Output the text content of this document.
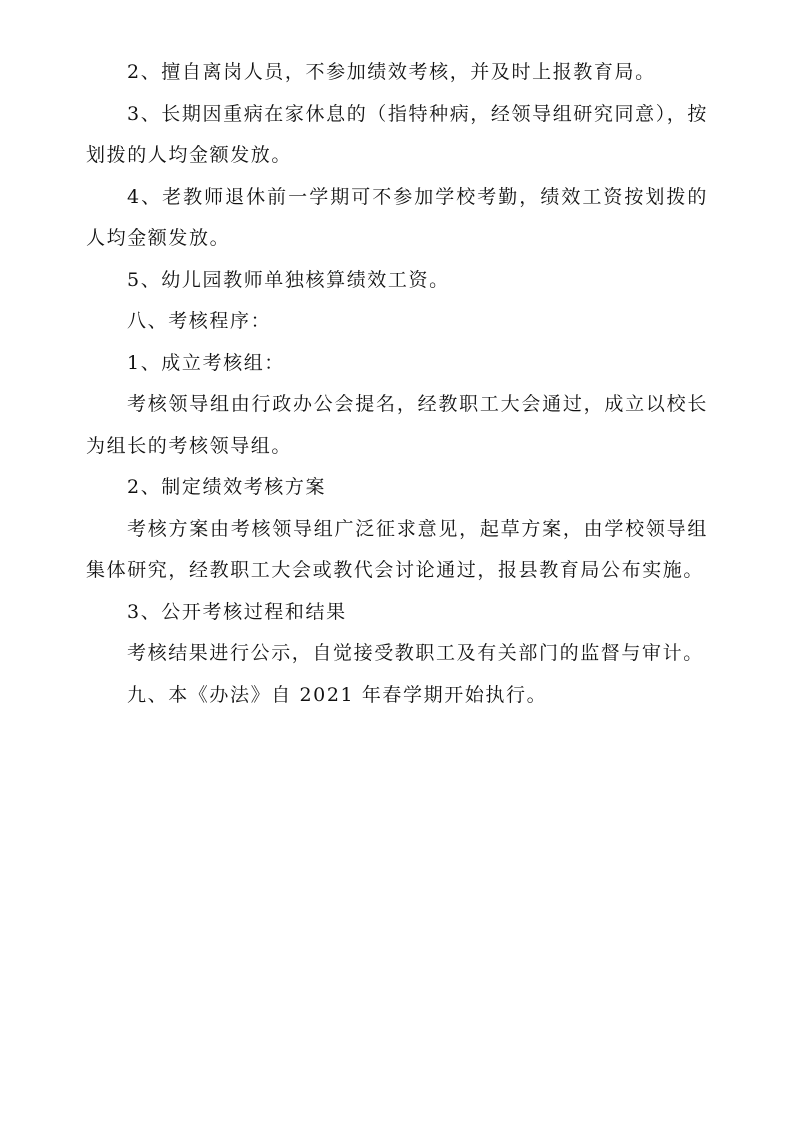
2、擅自离岗人员，不参加绩效考核，并及时上报教育局。

3、长期因重病在家休息的（指特种病，经领导组研究同意），按划拨的人均金额发放。

4、老教师退休前一学期可不参加学校考勤，绩效工资按划拨的人均金额发放。

5、幼儿园教师单独核算绩效工资。

八、考核程序：

1、成立考核组：

考核领导组由行政办公会提名，经教职工大会通过，成立以校长为组长的考核领导组。

2、制定绩效考核方案

考核方案由考核领导组广泛征求意见，起草方案，由学校领导组集体研究，经教职工大会或教代会讨论通过，报县教育局公布实施。

3、公开考核过程和结果

考核结果进行公示，自觉接受教职工及有关部门的监督与审计。

九、本《办法》自 2021 年春学期开始执行。
